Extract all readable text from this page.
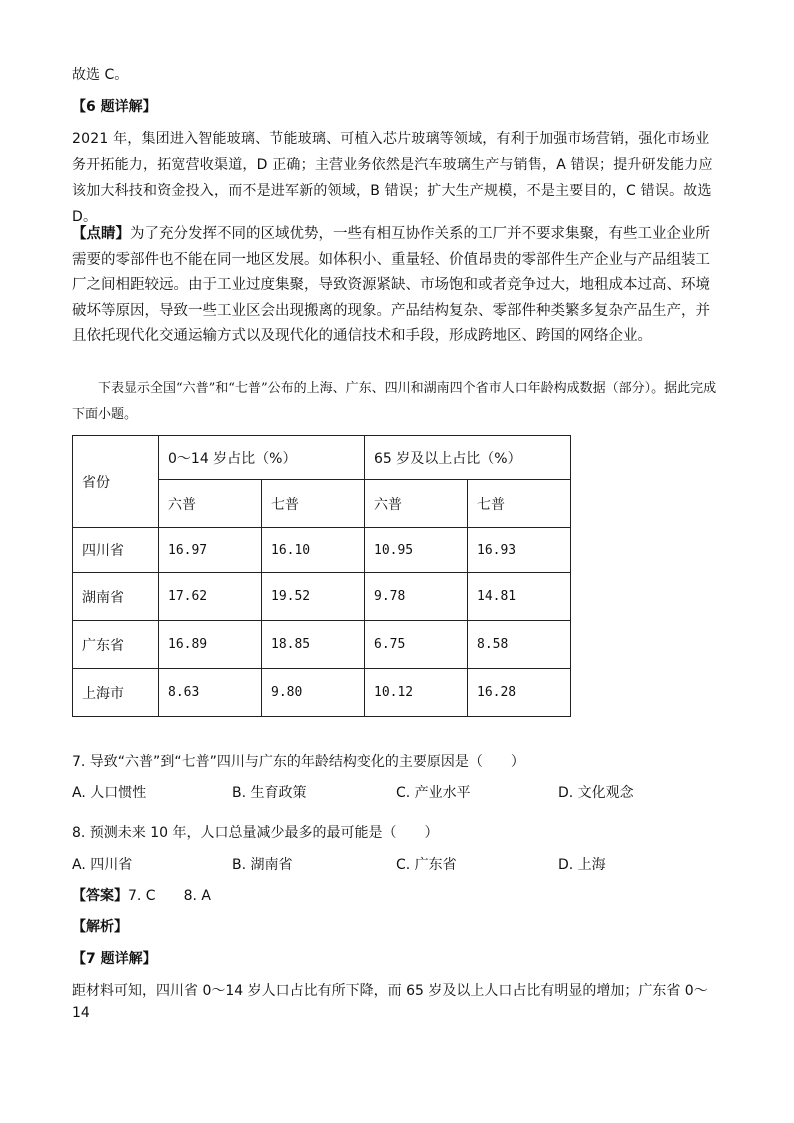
故选 C。

【6 题详解】

2021 年，集团进入智能玻璃、节能玻璃、可植入芯片玻璃等领域，有利于加强市场营销，强化市场业务开拓能力，拓宽营收渠道，D 正确；主营业务依然是汽车玻璃生产与销售，A 错误；提升研发能力应该加大科技和资金投入，而不是进军新的领域，B 错误；扩大生产规模，不是主要目的，C 错误。故选 D。

【点睛】为了充分发挥不同的区域优势，一些有相互协作关系的工厂并不要求集聚，有些工业企业所需要的零部件也不能在同一地区发展。如体积小、重量轻、价值昂贵的零部件生产企业与产品组装工厂之间相距较远。由于工业过度集聚，导致资源紧缺、市场饱和或者竞争过大，地租成本过高、环境破坏等原因，导致一些工业区会出现搬离的现象。产品结构复杂、零部件种类繁多复杂产品生产，并且依托现代化交通运输方式以及现代化的通信技术和手段，形成跨地区、跨国的网络企业。

下表显示全国“六普”和“七普”公布的上海、广东、四川和湖南四个省市人口年龄构成数据（部分）。据此完成下面小题。

省份	0～14 岁占比（%）		65 岁及以上占比（%）	
	六普	七普	六普	七普
四川省	16.97	16.10	10.95	16.93
湖南省	17.62	19.52	9.78	14.81
广东省	16.89	18.85	6.75	8.58
上海市	8.63	9.80	10.12	16.28

7. 导致“六普”到“七普”四川与广东的年龄结构变化的主要原因是（　　）

A. 人口惯性	B. 生育政策	C. 产业水平	D. 文化观念

8. 预测未来 10 年，人口总量减少最多的最可能是（　　）

A. 四川省	B. 湖南省	C. 广东省	D. 上海

【答案】7. C　　8. A

【解析】

【7 题详解】

距材料可知，四川省 0～14 岁人口占比有所下降，而 65 岁及以上人口占比有明显的增加；广东省 0～14
